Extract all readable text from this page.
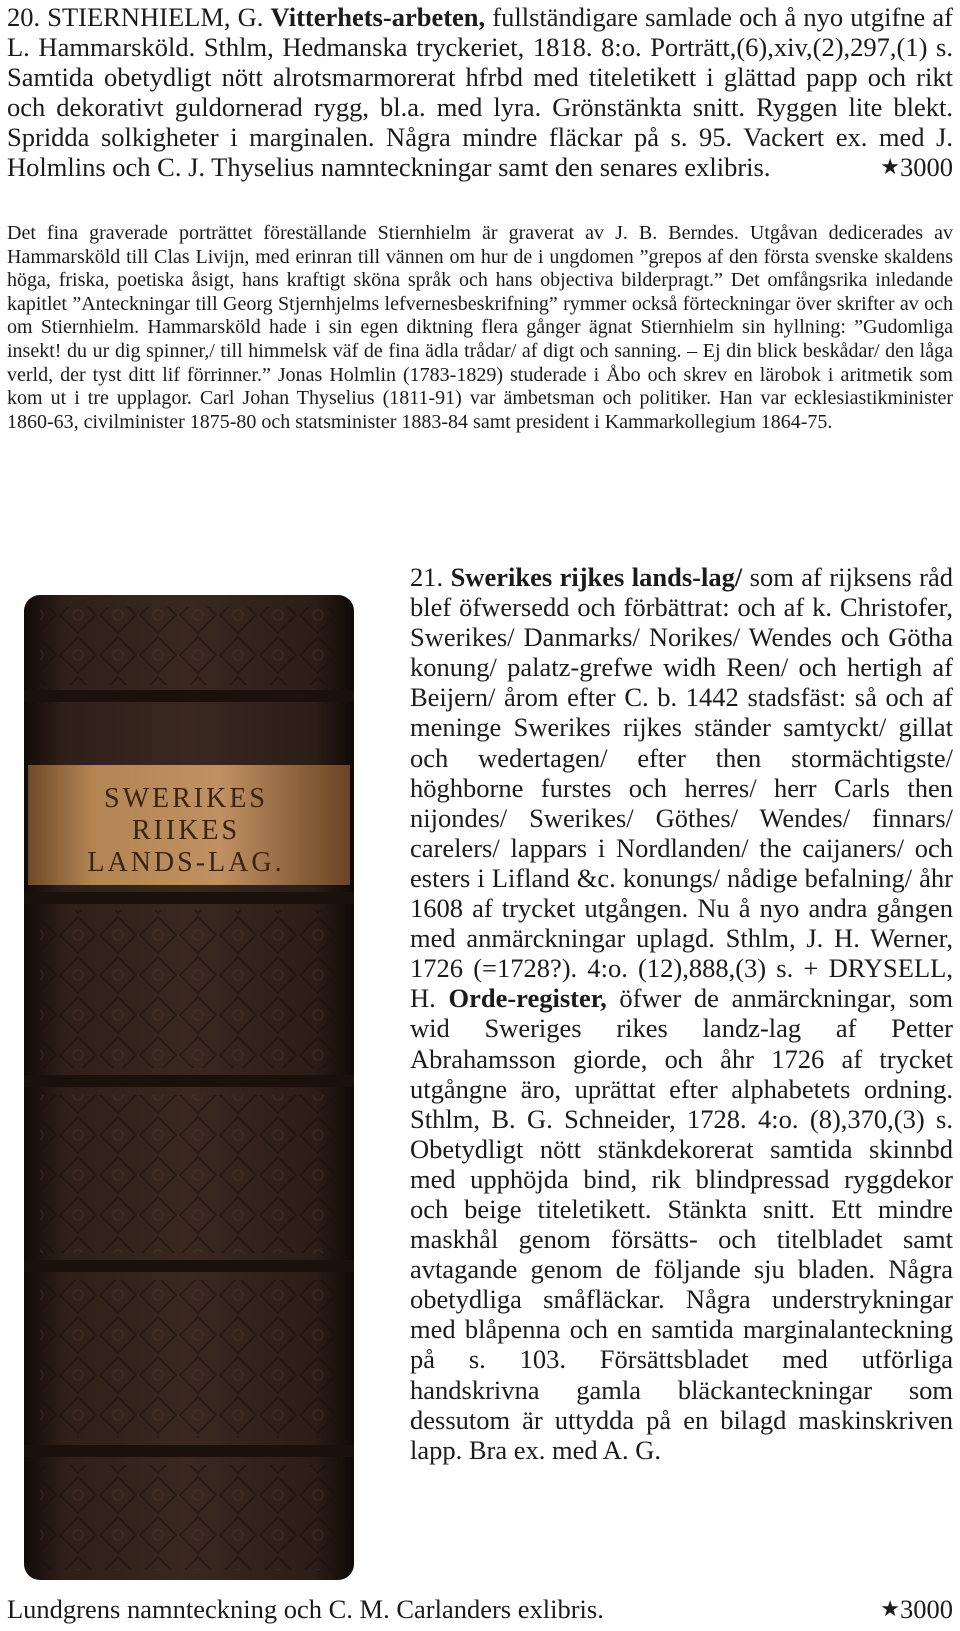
20. STIERNHIELM, G. Vitterhets-arbeten, fullständigare samlade och å nyo utgifne af L. Hammarsköld. Sthlm, Hedmanska tryckeriet, 1818. 8:o. Porträtt,(6),xiv,(2),297,(1) s. Samtida obetydligt nött alrotsmarmorerat hfrbd med titeletikett i glättad papp och rikt och dekorativt guldornerad rygg, bl.a. med lyra. Grönstänkta snitt. Ryggen lite blekt. Spridda solkigheter i marginalen. Några mindre fläckar på s. 95. Vackert ex. med J. Holmlins och C. J. Thyselius namnteckningar samt den senares exlibris.	★3000

Det fina graverade porträttet föreställande Stiernhielm är graverat av J. B. Berndes. Utgåvan dedicerades av Hammarsköld till Clas Livijn, med erinran till vännen om hur de i ungdomen ”grepos af den första svenske skaldens höga, friska, poetiska åsigt, hans kraftigt sköna språk och hans objectiva bilderpragt.” Det omfångsrika inledande kapitlet ”Anteckningar till Georg Stjernhjelms lefvernesbeskrifning” rymmer också förteckningar över skrifter av och om Stiernhielm. Hammarsköld hade i sin egen diktning flera gånger ägnat Stiernhielm sin hyllning: ”Gudomliga insekt! du ur dig spinner,/ till himmelsk väf de fina ädla trådar/ af digt och sanning. – Ej din blick beskådar/ den låga verld, der tyst ditt lif förrinner.” Jonas Holmlin (1783-1829) studerade i Åbo och skrev en lärobok i aritmetik som kom ut i tre upplagor. Carl Johan Thyselius (1811-91) var ämbetsman och politiker. Han var ecklesiastikminister 1860-63, civilminister 1875-80 och statsminister 1883-84 samt president i Kammarkollegium 1864-75.

SWERIKES
RIIKES
LANDS-LAG.

21. Swerikes rijkes lands-lag/ som af rijksens råd blef öfwersedd och förbättrat: och af k. Christofer, Swerikes/ Danmarks/ Norikes/ Wendes och Götha konung/ palatz-grefwe widh Reen/ och hertigh af Beijern/ årom efter C. b. 1442 stadsfäst: så och af meninge Swerikes rijkes ständer samtyckt/ gillat och wedertagen/ efter then stormächtigste/ höghborne furstes och herres/ herr Carls then nijondes/ Swerikes/ Göthes/ Wendes/ finnars/ carelers/ lappars i Nordlanden/ the caijaners/ och esters i Lifland &c. konungs/ nådige befalning/ åhr 1608 af trycket utgången. Nu å nyo andra gången med anmärckningar uplagd. Sthlm, J. H. Werner, 1726 (=1728?). 4:o. (12),888,(3) s. + DRYSELL, H. Orde-register, öfwer de anmärckningar, som wid Sweriges rikes landz-lag af Petter Abrahamsson giorde, och åhr 1726 af trycket utgångne äro, uprättat efter alphabetets ordning. Sthlm, B. G. Schneider, 1728. 4:o. (8),370,(3) s. Obetydligt nött stänkdekorerat samtida skinnbd med upphöjda bind, rik blindpressad ryggdekor och beige titeletikett. Stänkta snitt. Ett mindre maskhål genom försätts- och titelbladet samt avtagande genom de följande sju bladen. Några obetydliga småfläckar. Några understrykningar med blåpenna och en samtida marginalanteckning på s. 103. Försättsbladet med utförliga handskrivna gamla bläckanteckningar som dessutom är uttydda på en bilagd maskinskriven lapp. Bra ex. med A. G.

Lundgrens namnteckning och C. M. Carlanders exlibris.	★3000
